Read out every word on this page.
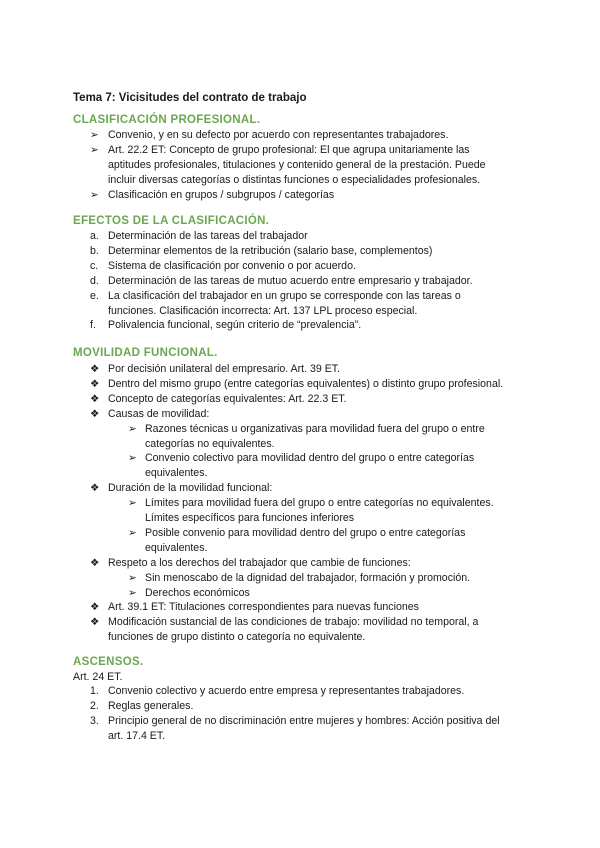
Tema 7: Vicisitudes del contrato de trabajo
CLASIFICACIÓN PROFESIONAL.
➢ Convenio, y en su defecto por acuerdo con representantes trabajadores.
➢ Art. 22.2 ET: Concepto de grupo profesional: El que agrupa unitariamente las
aptitudes profesionales, titulaciones y contenido general de la prestación. Puede
incluir diversas categorías o distintas funciones o especialidades profesionales.
➢ Clasificación en grupos / subgrupos / categorías
EFECTOS DE LA CLASIFICACIÓN.
a. Determinación de las tareas del trabajador
b. Determinar elementos de la retribución (salario base, complementos)
c. Sistema de clasificación por convenio o por acuerdo.
d. Determinación de las tareas de mutuo acuerdo entre empresario y trabajador.
e. La clasificación del trabajador en un grupo se corresponde con las tareas o
funciones. Clasificación incorrecta: Art. 137 LPL proceso especial.
f. Polivalencia funcional, según criterio de “prevalencia”.
MOVILIDAD FUNCIONAL.
❖ Por decisión unilateral del empresario. Art. 39 ET.
❖ Dentro del mismo grupo (entre categorías equivalentes) o distinto grupo profesional.
❖ Concepto de categorías equivalentes: Art. 22.3 ET.
❖ Causas de movilidad:
➢ Razones técnicas u organizativas para movilidad fuera del grupo o entre
categorías no equivalentes.
➢ Convenio colectivo para movilidad dentro del grupo o entre categorías
equivalentes.
❖ Duración de la movilidad funcional:
➢ Límites para movilidad fuera del grupo o entre categorías no equivalentes.
Límites específicos para funciones inferiores
➢ Posible convenio para movilidad dentro del grupo o entre categorías
equivalentes.
❖ Respeto a los derechos del trabajador que cambie de funciones:
➢ Sin menoscabo de la dignidad del trabajador, formación y promoción.
➢ Derechos económicos
❖ Art. 39.1 ET: Titulaciones correspondientes para nuevas funciones
❖ Modificación sustancial de las condiciones de trabajo: movilidad no temporal, a
funciones de grupo distinto o categoría no equivalente.
ASCENSOS.
Art. 24 ET.
1. Convenio colectivo y acuerdo entre empresa y representantes trabajadores.
2. Reglas generales.
3. Principio general de no discriminación entre mujeres y hombres: Acción positiva del
art. 17.4 ET.
